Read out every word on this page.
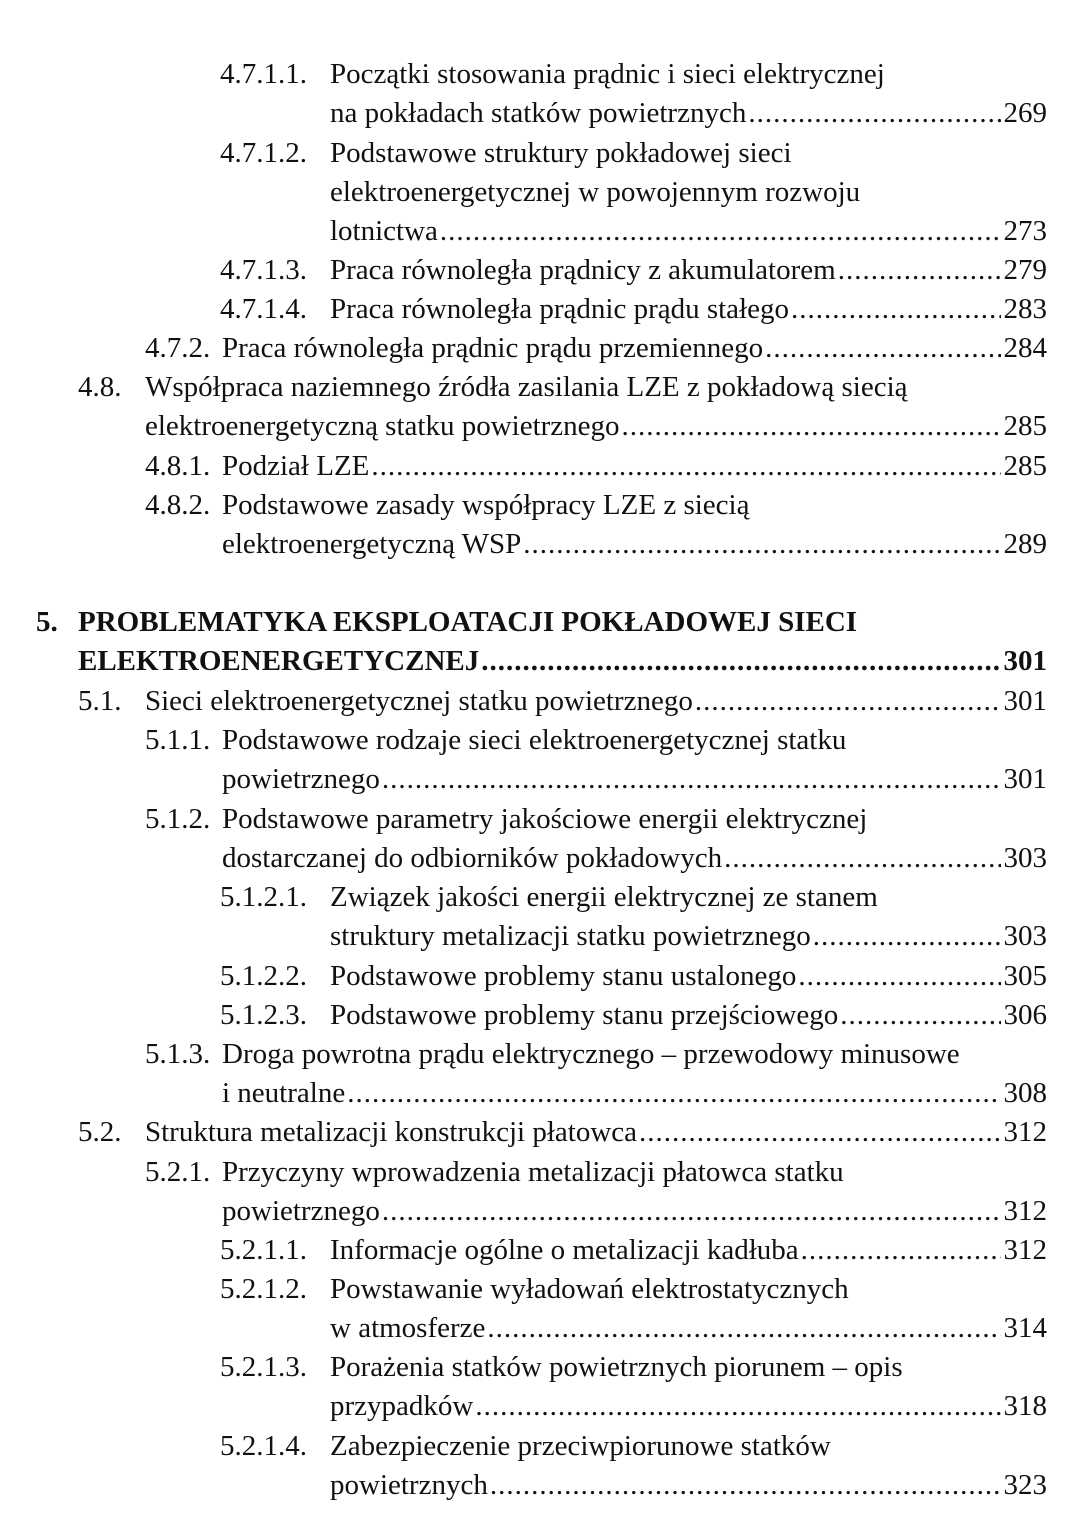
4.7.1.1. Początki stosowania prądnic i sieci elektrycznej
na pokładach statków powietrznych .....	269
4.7.1.2. Podstawowe struktury pokładowej sieci
elektroenergetycznej w powojennym rozwoju
lotnictwa .....	273
4.7.1.3. Praca równoległa prądnicy z akumulatorem .....	279
4.7.1.4. Praca równoległa prądnic prądu stałego .....	283
4.7.2. Praca równoległa prądnic prądu przemiennego .....	284
4.8. Współpraca naziemnego źródła zasilania LZE z pokładową siecią
elektroenergetyczną statku powietrznego .....	285
4.8.1. Podział LZE .....	285
4.8.2. Podstawowe zasady współpracy LZE z siecią
elektroenergetyczną WSP .....	289
5. PROBLEMATYKA EKSPLOATACJI POKŁADOWEJ SIECI
ELEKTROENERGETYCZNEJ .....	301
5.1. Sieci elektroenergetycznej statku powietrznego .....	301
5.1.1. Podstawowe rodzaje sieci elektroenergetycznej statku
powietrznego .....	301
5.1.2. Podstawowe parametry jakościowe energii elektrycznej
dostarczanej do odbiorników pokładowych .....	303
5.1.2.1. Związek jakości energii elektrycznej ze stanem
struktury metalizacji statku powietrznego .....	303
5.1.2.2. Podstawowe problemy stanu ustalonego .....	305
5.1.2.3. Podstawowe problemy stanu przejściowego .....	306
5.1.3. Droga powrotna prądu elektrycznego – przewodowy minusowe
i neutralne .....	308
5.2. Struktura metalizacji konstrukcji płatowca .....	312
5.2.1. Przyczyny wprowadzenia metalizacji płatowca statku
powietrznego .....	312
5.2.1.1. Informacje ogólne o metalizacji kadłuba .....	312
5.2.1.2. Powstawanie wyładowań elektrostatycznych
w atmosferze .....	314
5.2.1.3. Porażenia statków powietrznych piorunem – opis
przypadków .....	318
5.2.1.4. Zabezpieczenie przeciwpiorunowe statków
powietrznych .....	323
